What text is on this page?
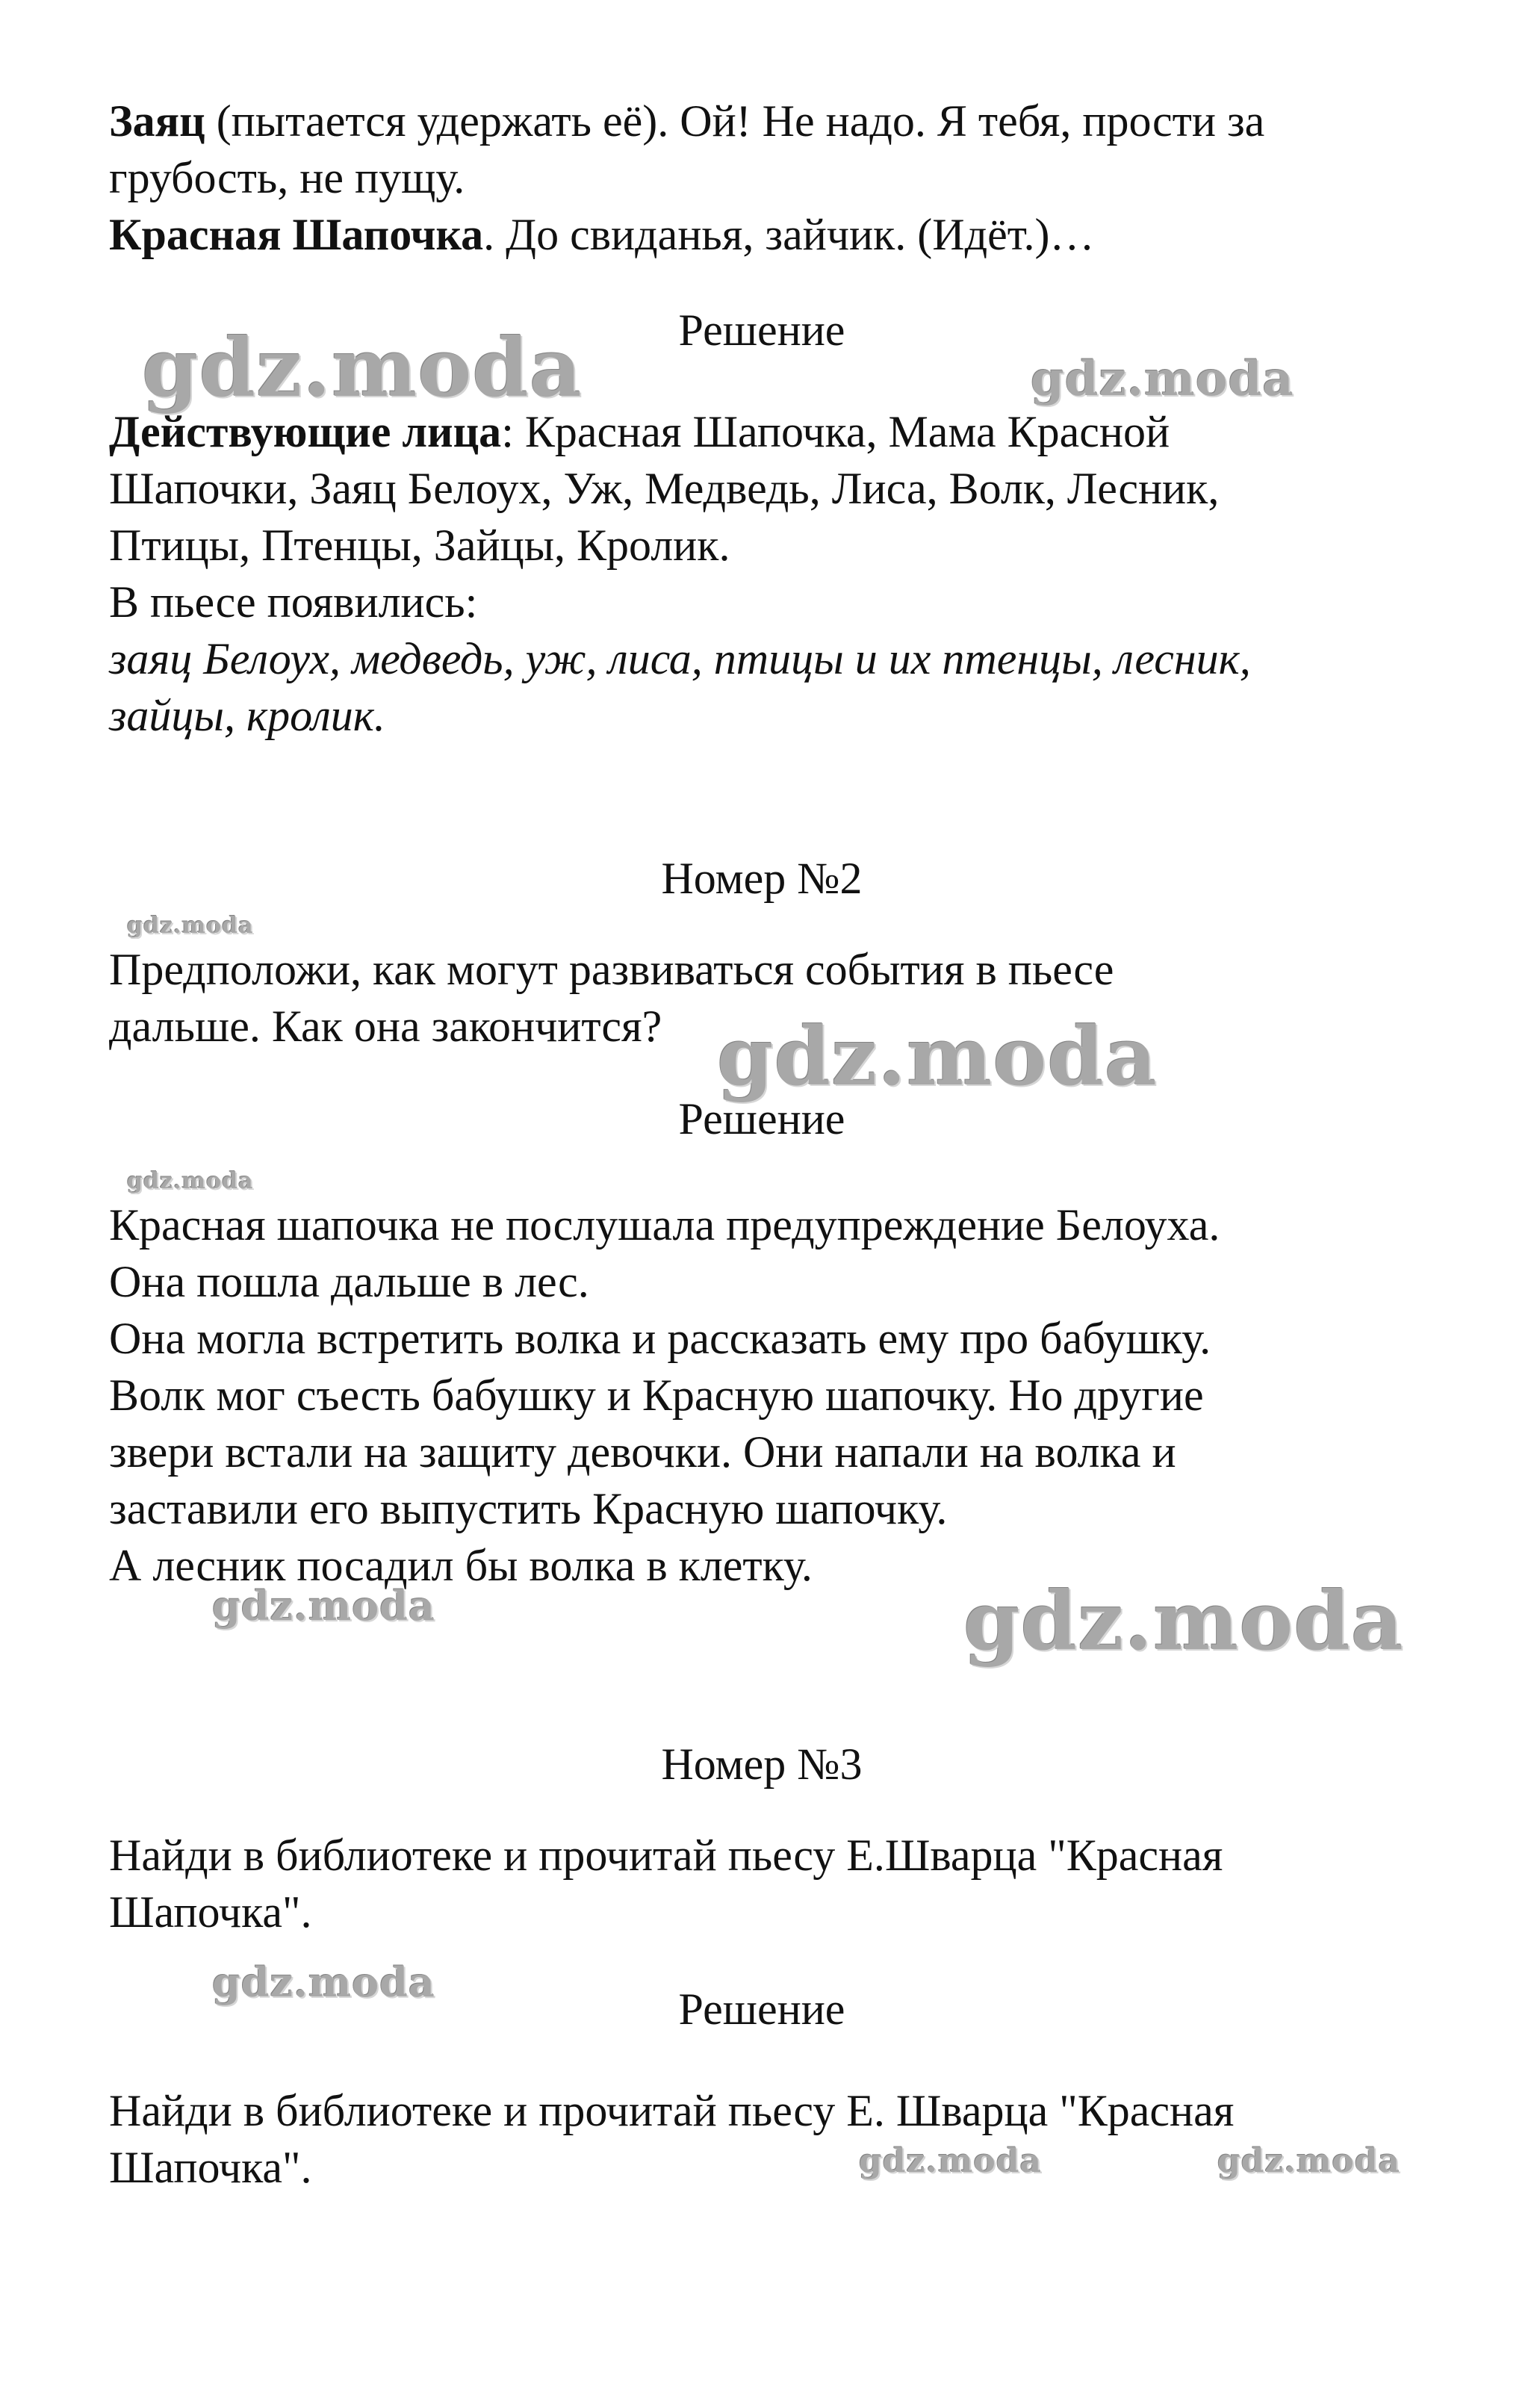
Заяц (пытается удержать её). Ой! Не надо. Я тебя, прости за
грубость, не пущу.
Красная Шапочка. До свиданья, зайчик. (Идёт.)…
Решение
Действующие лица: Красная Шапочка, Мама Красной
Шапочки, Заяц Белоух, Уж, Медведь, Лиса, Волк, Лесник,
Птицы, Птенцы, Зайцы, Кролик.
В пьесе появились:
заяц Белоух, медведь, уж, лиса, птицы и их птенцы, лесник,
зайцы, кролик.
Номер №2
Предположи, как могут развиваться события в пьесе
дальше. Как она закончится?
Решение
Красная шапочка не послушала предупреждение Белоуха.
Она пошла дальше в лес.
Она могла встретить волка и рассказать ему про бабушку.
Волк мог съесть бабушку и Красную шапочку. Но другие
звери встали на защиту девочки. Они напали на волка и
заставили его выпустить Красную шапочку.
А лесник посадил бы волка в клетку.
Номер №3
Найди в библиотеке и прочитай пьесу Е.Шварца "Красная
Шапочка".
Решение
Найди в библиотеке и прочитай пьесу Е. Шварца "Красная
Шапочка".
gdz.moda	gdz.moda
gdz.moda
gdz.moda
gdz.moda
gdz.moda	gdz.moda
gdz.moda
gdz.moda	gdz.moda
